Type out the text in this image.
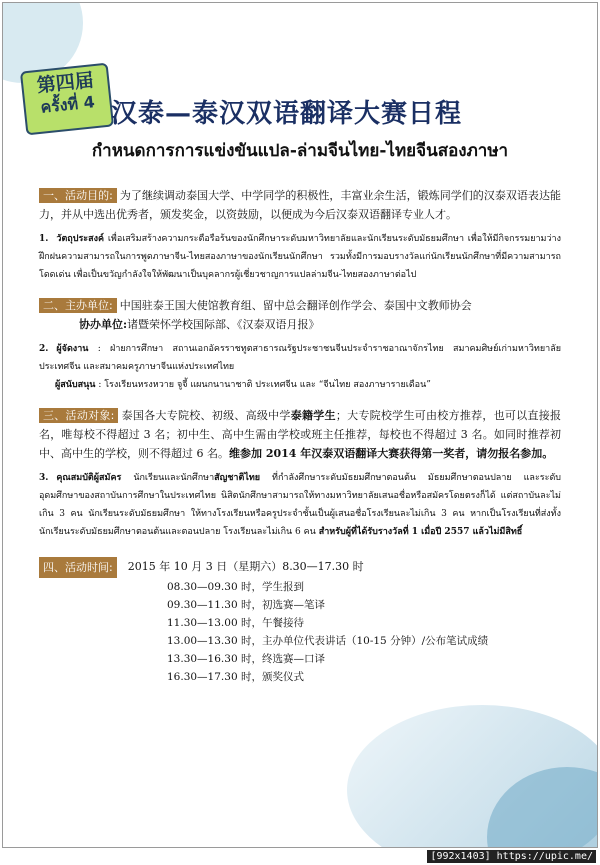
第四届
ครั้งที่ 4 汉泰—泰汉双语翻译大赛日程
กำหนดการการแข่งขันแปล-ล่ามจีนไทย-ไทยจีนสองภาษา

一、活动目的: 为了继续调动泰国大学、中学同学的积极性，丰富业余生活，锻炼同学们的汉泰双语表达能力，并从中选出优秀者，颁发奖金，以资鼓励，以便成为今后汉泰双语翻译专业人才。

1. วัตถุประสงค์ เพื่อเสริมสร้างความกระตือรือร้นของนักศึกษาระดับมหาวิทยาลัยและนักเรียนระดับมัธยมศึกษา เพื่อให้มีกิจกรรมยามว่าง ฝึกฝนความสามารถในการพูดภาษาจีน-ไทยสองภาษาของนักเรียนนักศึกษา รวมทั้งมีการมอบรางวัลแก่นักเรียนนักศึกษาที่มีความสามารถโดดเด่น เพื่อเป็นขวัญกำลังใจให้พัฒนาเป็นบุคลากรผู้เชี่ยวชาญการแปลล่ามจีน-ไทยสองภาษาต่อไป

二、主办单位: 中国驻泰王国大使馆教育组、留中总会翻译创作学会、泰国中文教师协会

协办单位:诸暨荣怀学校国际部、《汉泰双语月报》

2. ผู้จัดงาน : ฝ่ายการศึกษา สถานเอกอัครราชทูตสาธารณรัฐประชาชนจีนประจำราชอาณาจักรไทย สมาคมศิษย์เก่ามหาวิทยาลัยประเทศจีน และสมาคมครูภาษาจีนแห่งประเทศไทย

ผู้สนับสนุน : โรงเรียนหรงหวาย จูจี้ แผนกนานาชาติ ประเทศจีน และ “จีนไทย สองภาษารายเดือน”

三、活动对象: 泰国各大专院校、初级、高级中学泰籍学生；大专院校学生可由校方推荐，也可以直接报名，唯每校不得超过 3 名；初中生、高中生需由学校或班主任推荐，每校也不得超过 3 名。如同时推荐初中、高中生的学校，则不得超过 6 名。维参加 2014 年汉泰双语翻译大赛获得第一奖者，请勿报名参加。

3. คุณสมบัติผู้สมัคร นักเรียนและนักศึกษาสัญชาติไทย ที่กำลังศึกษาระดับมัธยมศึกษาตอนต้น มัธยมศึกษาตอนปลาย และระดับอุดมศึกษาของสถาบันการศึกษาในประเทศไทย นิสิตนักศึกษาสามารถให้ทางมหาวิทยาลัยเสนอชื่อหรือสมัครโดยตรงก็ได้ แต่สถาบันละไม่เกิน 3 คน นักเรียนระดับมัธยมศึกษา ให้ทางโรงเรียนหรือครูประจำชั้นเป็นผู้เสนอชื่อโรงเรียนละไม่เกิน 3 คน หากเป็นโรงเรียนที่ส่งทั้งนักเรียนระดับมัธยมศึกษาตอนต้นและตอนปลาย โรงเรียนละไม่เกิน 6 คน สำหรับผู้ที่ได้รับรางวัลที่ 1 เมื่อปี 2557 แล้วไม่มีสิทธิ์

四、活动时间:	2015 年 10 月 3 日（星期六）8.30—17.30 时

08.30—09.30 时，学生报到

09.30—11.30 时，初选赛—笔译

11.30—13.00 时，午餐接待

13.00—13.30 时，主办单位代表讲话（10-15 分钟）/公布笔试成绩

13.30—16.30 时，终选赛—口译

16.30—17.30 时，颁奖仪式

[992x1403] https://upic.me/
